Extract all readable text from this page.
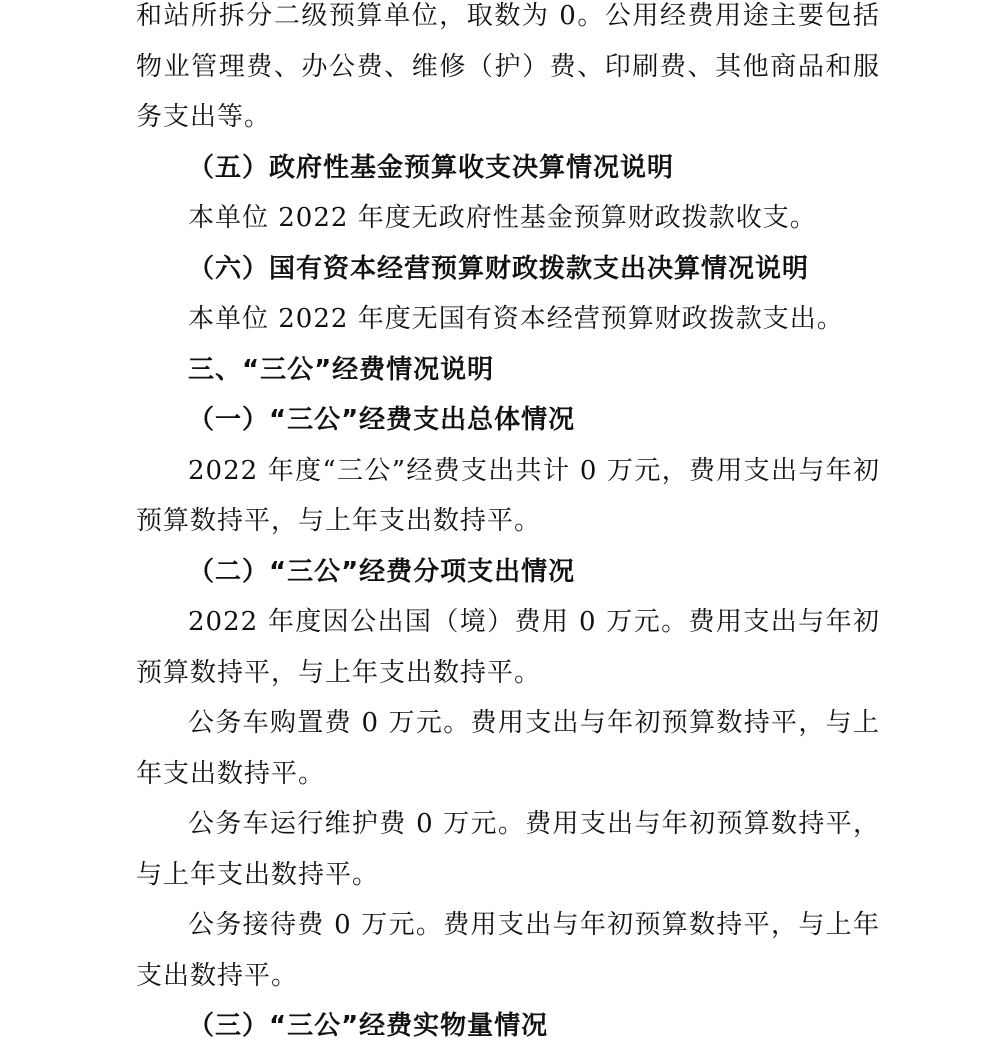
和站所拆分二级预算单位，取数为 0。公用经费用途主要包括物业管理费、办公费、维修（护）费、印刷费、其他商品和服务支出等。

（五）政府性基金预算收支决算情况说明

本单位 2022 年度无政府性基金预算财政拨款收支。

（六）国有资本经营预算财政拨款支出决算情况说明

本单位 2022 年度无国有资本经营预算财政拨款支出。

三、“三公”经费情况说明

（一）“三公”经费支出总体情况

2022 年度“三公”经费支出共计 0 万元，费用支出与年初预算数持平，与上年支出数持平。

（二）“三公”经费分项支出情况

2022 年度因公出国（境）费用 0 万元。费用支出与年初预算数持平，与上年支出数持平。

公务车购置费 0 万元。费用支出与年初预算数持平，与上年支出数持平。

公务车运行维护费 0 万元。费用支出与年初预算数持平，与上年支出数持平。

公务接待费 0 万元。费用支出与年初预算数持平，与上年支出数持平。

（三）“三公”经费实物量情况
